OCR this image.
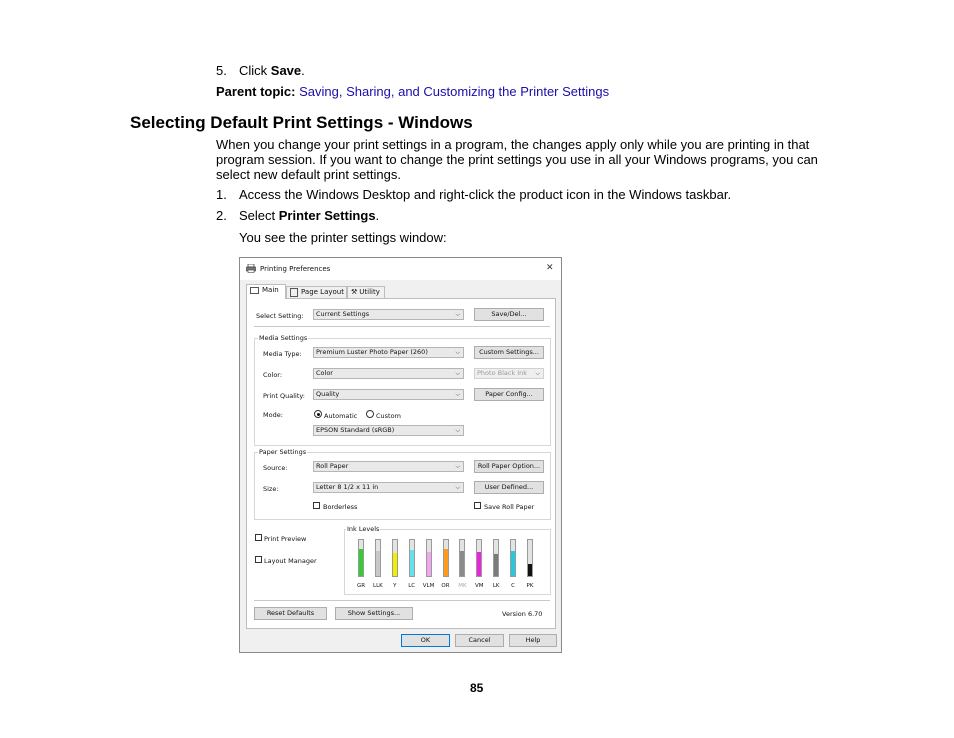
5. Click Save.
Parent topic: Saving, Sharing, and Customizing the Printer Settings
Selecting Default Print Settings - Windows
When you change your print settings in a program, the changes apply only while you are printing in that
program session. If you want to change the print settings you use in all your Windows programs, you can
select new default print settings.
1. Access the Windows Desktop and right-click the product icon in the Windows taskbar.
2. Select Printer Settings.
You see the printer settings window:
Printing Preferences	✕
Main	Page Layout	⚒ Utility
Select Setting:	Current Settings	⌵	Save/Del...
Media Settings
Media Type:	Premium Luster Photo Paper (260)	⌵	Custom Settings...
Color:	Color	⌵	Photo Black Ink ⌵
Print Quality:	Quality	⌵	Paper Config...
Mode:	Automatic	Custom
EPSON Standard (sRGB)	⌵
Paper Settings
Source:	Roll Paper	⌵	Roll Paper Option...
Size:	Letter 8 1/2 x 11 in	⌵	User Defined...
Borderless	Save Roll Paper
Print Preview
Layout Manager
Ink Levels
Reset Defaults	Show Settings...	Version 6.70
OK	Cancel	Help
GR	LLK	Y	LC	VLM	OR	MK	VM	LK	C	PK
85
